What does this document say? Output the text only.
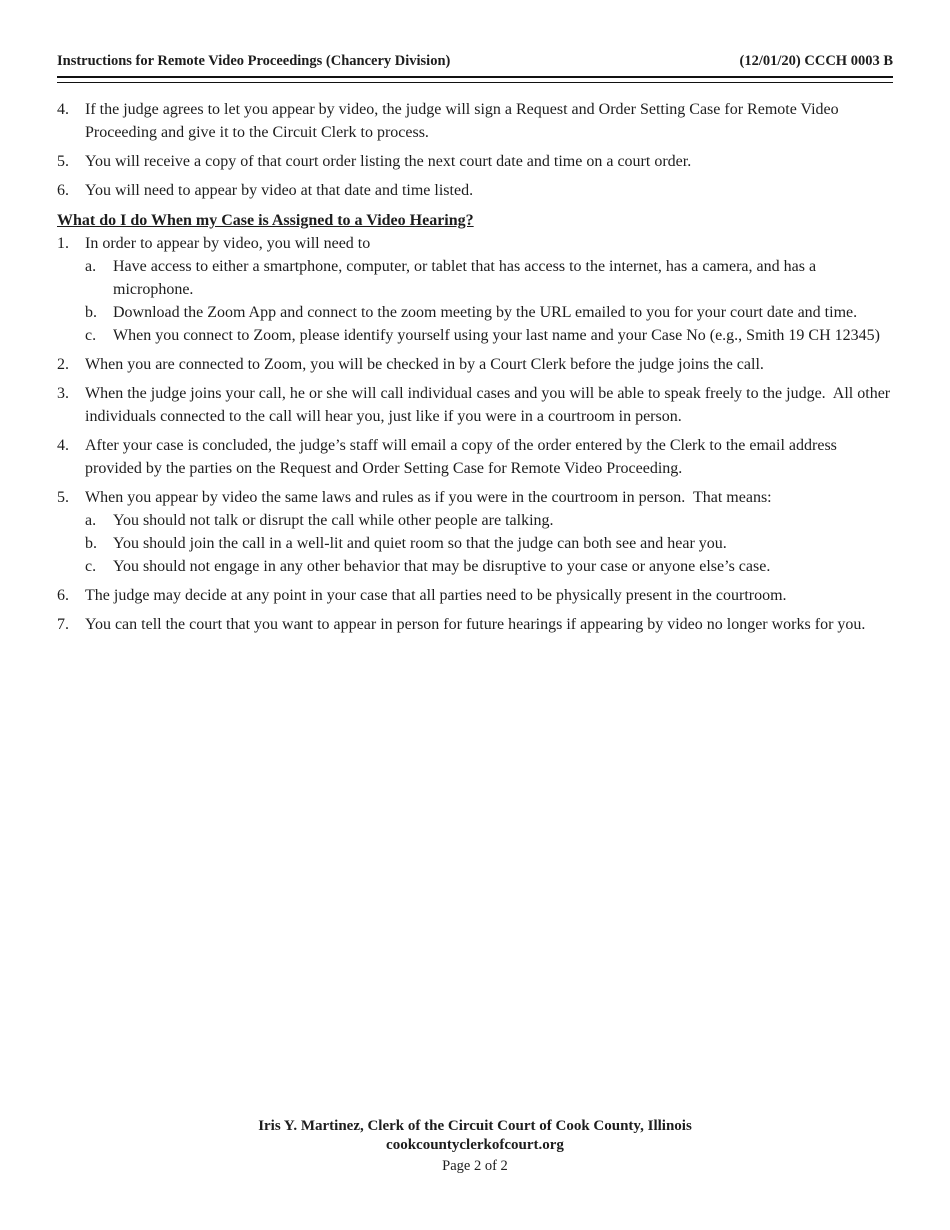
Instructions for Remote Video Proceedings (Chancery Division)	(12/01/20) CCCH 0003 B
4.	If the judge agrees to let you appear by video, the judge will sign a Request and Order Setting Case for Remote Video Proceeding and give it to the Circuit Clerk to process.
5.	You will receive a copy of that court order listing the next court date and time on a court order.
6.	You will need to appear by video at that date and time listed.
What do I do When my Case is Assigned to a Video Hearing?
1.	In order to appear by video, you will need to
a.	Have access to either a smartphone, computer, or tablet that has access to the internet, has a camera, and has a microphone.
b.	Download the Zoom App and connect to the zoom meeting by the URL emailed to you for your court date and time.
c.	When you connect to Zoom, please identify yourself using your last name and your Case No (e.g., Smith 19 CH 12345)
2.	When you are connected to Zoom, you will be checked in by a Court Clerk before the judge joins the call.
3.	When the judge joins your call, he or she will call individual cases and you will be able to speak freely to the judge.  All other individuals connected to the call will hear you, just like if you were in a courtroom in person.
4.	After your case is concluded, the judge’s staff will email a copy of the order entered by the Clerk to the email address provided by the parties on the Request and Order Setting Case for Remote Video Proceeding.
5.	When you appear by video the same laws and rules as if you were in the courtroom in person.  That means:
a.	You should not talk or disrupt the call while other people are talking.
b.	You should join the call in a well-lit and quiet room so that the judge can both see and hear you.
c.	You should not engage in any other behavior that may be disruptive to your case or anyone else’s case.
6.	The judge may decide at any point in your case that all parties need to be physically present in the courtroom.
7.	You can tell the court that you want to appear in person for future hearings if appearing by video no longer works for you.
Iris Y. Martinez, Clerk of the Circuit Court of Cook County, Illinois
cookcountyclerkofcourt.org
Page 2 of 2
